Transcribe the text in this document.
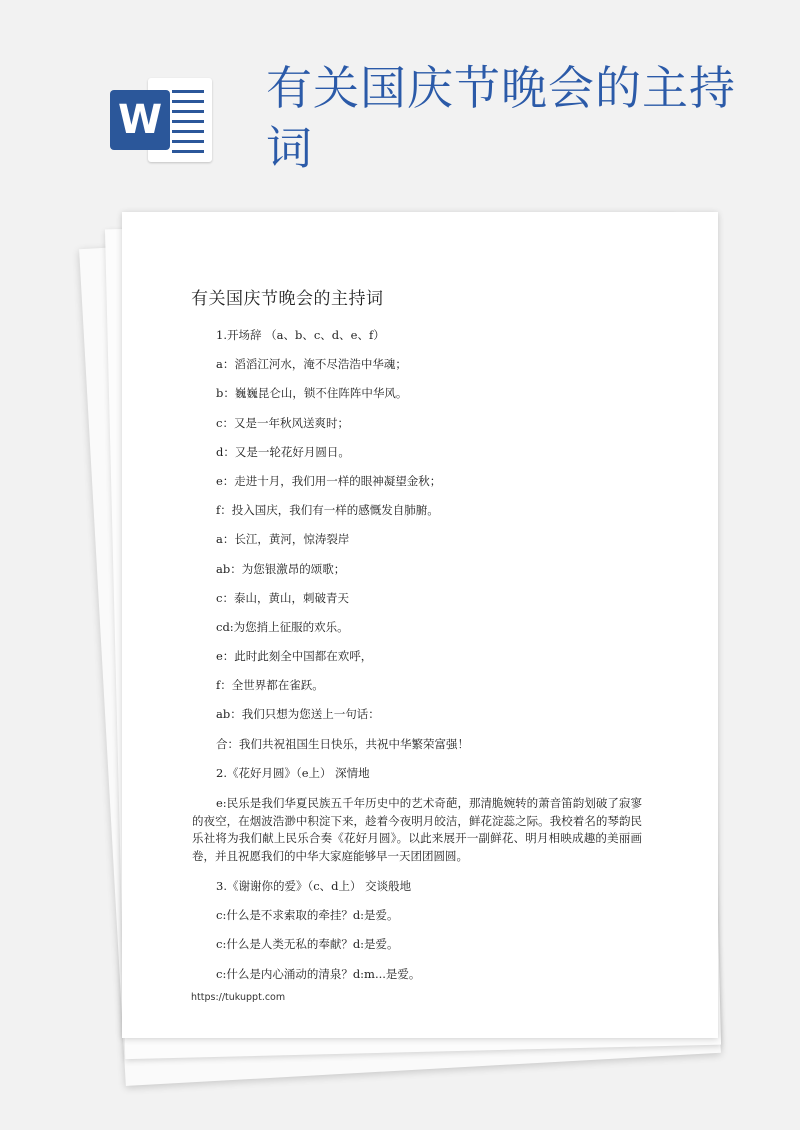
W
有关国庆节晚会的主持词
有关国庆节晚会的主持词
1.开场辞 （a、b、c、d、e、f）
a：滔滔江河水，淹不尽浩浩中华魂；
b：巍巍昆仑山，锁不住阵阵中华风。
c：又是一年秋风送爽时；
d：又是一轮花好月圆日。
e：走进十月，我们用一样的眼神凝望金秋；
f：投入国庆，我们有一样的感慨发自肺腑。
a：长江，黄河，惊涛裂岸
ab：为您银激昂的颂歌；
c：泰山，黄山，刺破青天
cd:为您捎上征服的欢乐。
e：此时此刻全中国都在欢呼，
f：全世界都在雀跃。
ab：我们只想为您送上一句话：
合：我们共祝祖国生日快乐，共祝中华繁荣富强！
2.《花好月圆》（e上） 深情地
e:民乐是我们华夏民族五千年历史中的艺术奇葩，那清脆婉转的萧音笛韵划破了寂寥的夜空，在烟波浩渺中积淀下来，趁着今夜明月皎洁，鲜花淀蕊之际。我校着名的琴韵民乐社将为我们献上民乐合奏《花好月圆》。以此来展开一副鲜花、明月相映成趣的美丽画卷，并且祝愿我们的中华大家庭能够早一天团团圆圆。
3.《谢谢你的爱》（c、d上） 交谈般地
c:什么是不求索取的牵挂？d:是爱。
c:什么是人类无私的奉献？d:是爱。
c:什么是内心涌动的清泉？d:m...是爱。
https://tukuppt.com
